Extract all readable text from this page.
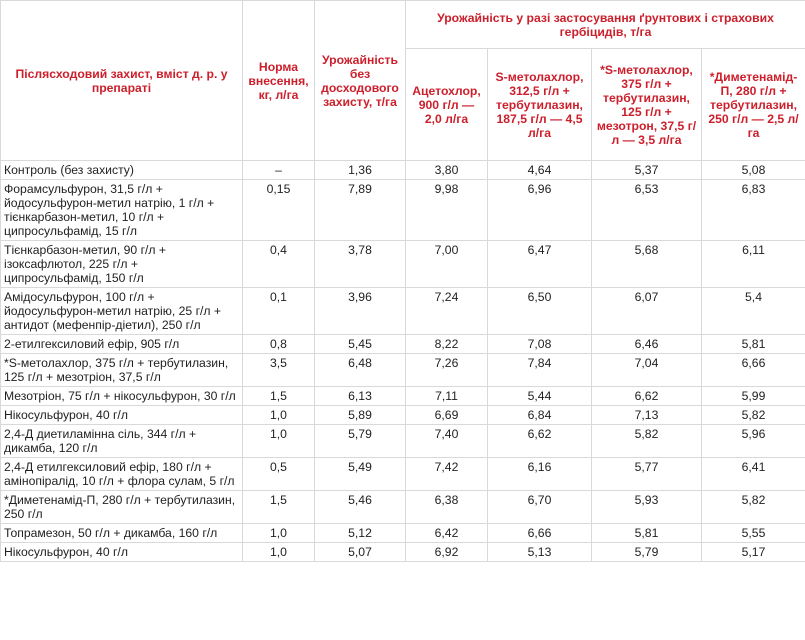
Післясходовий захист, вміст д. р. у препараті	Норма внесення, кг, л/га	Урожайність без досходового захисту, т/га	Урожайність у разі застосування ґрунтових і страхових гербіцидів, т/га			
			Ацетохлор, 900 г/л — 2,0 л/га	S-метолахлор, 312,5 г/л + тербутилазин, 187,5 г/л — 4,5 л/га	*S-метолахлор, 375 г/л + тербутилазин, 125 г/л + мезотрон, 37,5 г/л — 3,5 л/га	*Диметенамід-П, 280 г/л + тербутилазин, 250 г/л — 2,5 л/га
Контроль (без захисту)	–	1,36	3,80	4,64	5,37	5,08
Форамсульфурон, 31,5 г/л + йодосульфурон-метил натрію, 1 г/л + тієнкарбазон-метил, 10 г/л + ципросульфамід, 15 г/л	0,15	7,89	9,98	6,96	6,53	6,83
Тієнкарбазон-метил, 90 г/л + ізоксафлютол, 225 г/л + ципросульфамід, 150 г/л	0,4	3,78	7,00	6,47	5,68	6,11
Амідосульфурон, 100 г/л + йодосульфурон-метил натрію, 25 г/л + антидот (мефенпір-діетил), 250 г/л	0,1	3,96	7,24	6,50	6,07	5,4
2-етилгексиловий ефір, 905 г/л	0,8	5,45	8,22	7,08	6,46	5,81
*S-метолахлор, 375 г/л + тербутилазин, 125 г/л + мезотріон, 37,5 г/л	3,5	6,48	7,26	7,84	7,04	6,66
Мезотріон, 75 г/л + нікосульфурон, 30 г/л	1,5	6,13	7,11	5,44	6,62	5,99
Нікосульфурон, 40 г/л	1,0	5,89	6,69	6,84	7,13	5,82
2,4-Д диетиламінна сіль, 344 г/л + дикамба, 120 г/л	1,0	5,79	7,40	6,62	5,82	5,96
2,4-Д етилгексиловий ефір, 180 г/л + амінопіралід, 10 г/л + флора сулам, 5 г/л	0,5	5,49	7,42	6,16	5,77	6,41
*Диметенамід-П, 280 г/л + тербутилазин, 250 г/л	1,5	5,46	6,38	6,70	5,93	5,82
Топрамезон, 50 г/л + дикамба, 160 г/л	1,0	5,12	6,42	6,66	5,81	5,55
Нікосульфурон, 40 г/л	1,0	5,07	6,92	5,13	5,79	5,17
